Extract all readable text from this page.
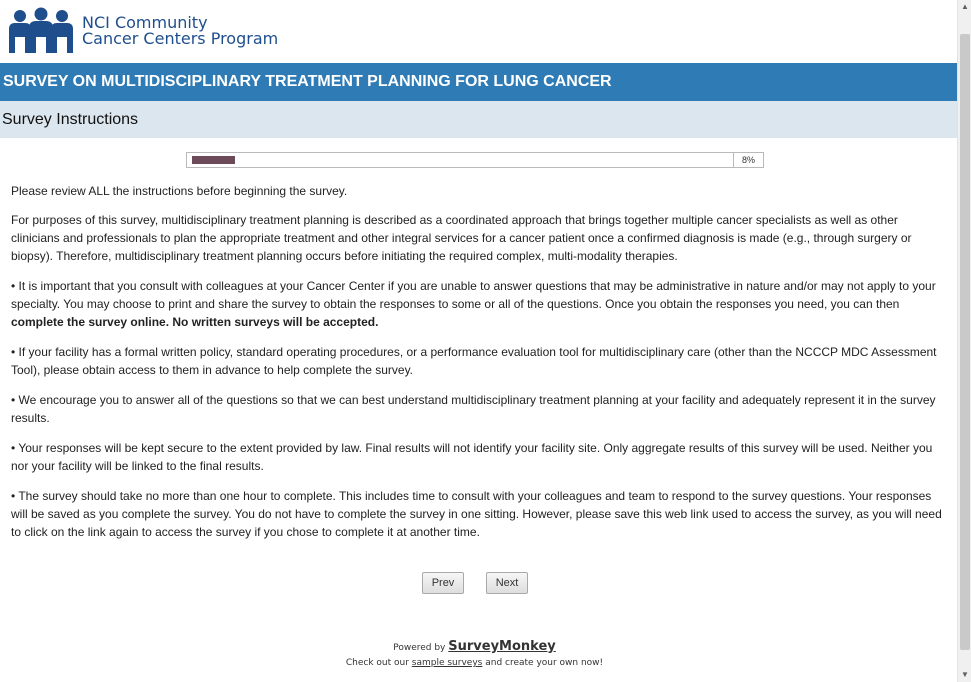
NCI Community
Cancer Centers Program
SURVEY ON MULTIDISCIPLINARY TREATMENT PLANNING FOR LUNG CANCER
Survey Instructions
8%

Please review ALL the instructions before beginning the survey.

For purposes of this survey, multidisciplinary treatment planning is described as a coordinated approach that brings together multiple cancer specialists as well as other clinicians and professionals to plan the appropriate treatment and other integral services for a cancer patient once a confirmed diagnosis is made (e.g., through surgery or biopsy). Therefore, multidisciplinary treatment planning occurs before initiating the required complex, multi-modality therapies.

• It is important that you consult with colleagues at your Cancer Center if you are unable to answer questions that may be administrative in nature and/or may not apply to your specialty. You may choose to print and share the survey to obtain the responses to some or all of the questions. Once you obtain the responses you need, you can then complete the survey online. No written surveys will be accepted.

• If your facility has a formal written policy, standard operating procedures, or a performance evaluation tool for multidisciplinary care (other than the NCCCP MDC Assessment Tool), please obtain access to them in advance to help complete the survey.

• We encourage you to answer all of the questions so that we can best understand multidisciplinary treatment planning at your facility and adequately represent it in the survey results.

• Your responses will be kept secure to the extent provided by law. Final results will not identify your facility site. Only aggregate results of this survey will be used. Neither you nor your facility will be linked to the final results.

• The survey should take no more than one hour to complete. This includes time to consult with your colleagues and team to respond to the survey questions. Your responses will be saved as you complete the survey. You do not have to complete the survey in one sitting. However, please save this web link used to access the survey, as you will need to click on the link again to access the survey if you chose to complete it at another time.

Prev	Next
Powered by SurveyMonkey
Check out our sample surveys and create your own now!
▲
▼
